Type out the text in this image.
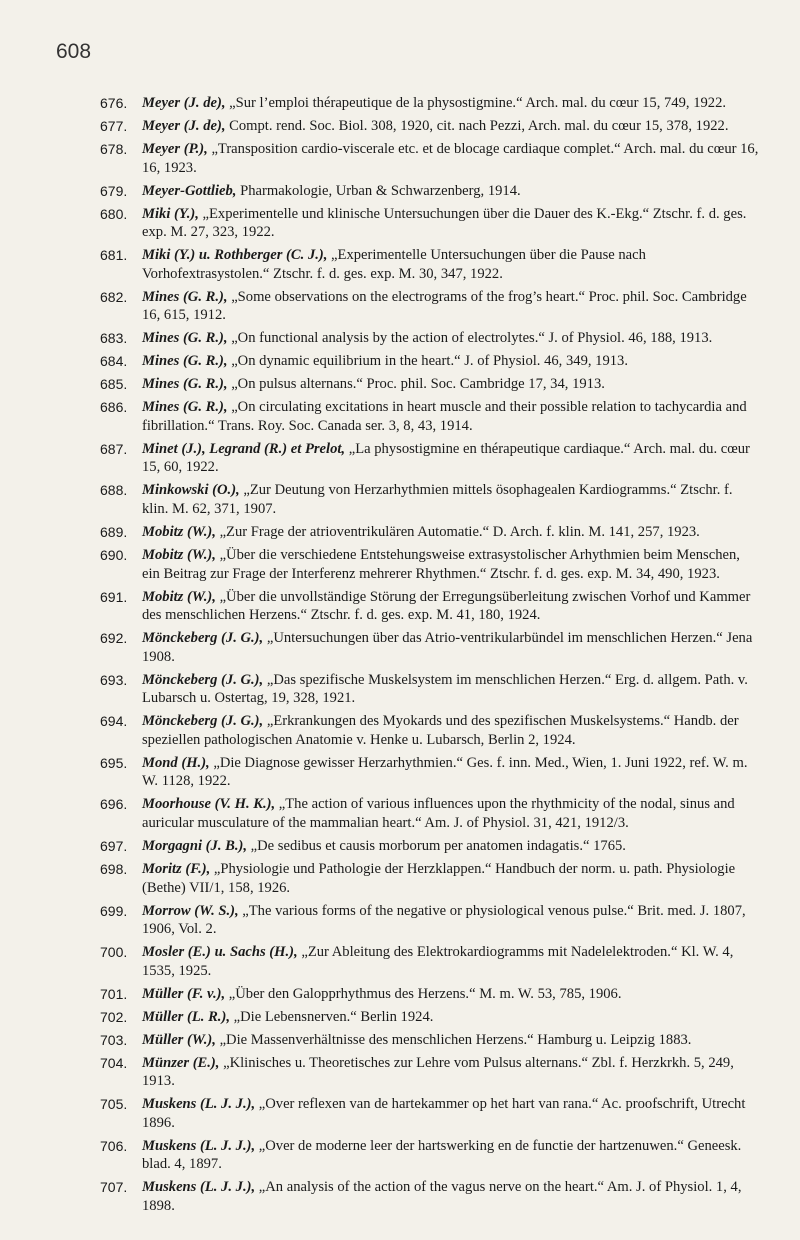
608
676.	Meyer (J. de), „Sur l’emploi thérapeutique de la physostigmine.“ Arch. mal. du cœur 15, 749, 1922.
677.	Meyer (J. de), Compt. rend. Soc. Biol. 308, 1920, cit. nach Pezzi, Arch. mal. du cœur 15, 378, 1922.
678.	Meyer (P.), „Transposition cardio-viscerale etc. et de blocage cardiaque complet.“ Arch. mal. du cœur 16, 16, 1923.
679.	Meyer-Gottlieb, Pharmakologie, Urban & Schwarzenberg, 1914.
680.	Miki (Y.), „Experimentelle und klinische Untersuchungen über die Dauer des K.-Ekg.“ Ztschr. f. d. ges. exp. M. 27, 323, 1922.
681.	Miki (Y.) u. Rothberger (C. J.), „Experimentelle Untersuchungen über die Pause nach Vorhofextrasystolen.“ Ztschr. f. d. ges. exp. M. 30, 347, 1922.
682.	Mines (G. R.), „Some observations on the electrograms of the frog’s heart.“ Proc. phil. Soc. Cambridge 16, 615, 1912.
683.	Mines (G. R.), „On functional analysis by the action of electrolytes.“ J. of Physiol. 46, 188, 1913.
684.	Mines (G. R.), „On dynamic equilibrium in the heart.“ J. of Physiol. 46, 349, 1913.
685.	Mines (G. R.), „On pulsus alternans.“ Proc. phil. Soc. Cambridge 17, 34, 1913.
686.	Mines (G. R.), „On circulating excitations in heart muscle and their possible relation to tachycardia and fibrillation.“ Trans. Roy. Soc. Canada ser. 3, 8, 43, 1914.
687.	Minet (J.), Legrand (R.) et Prelot, „La physostigmine en thérapeutique cardiaque.“ Arch. mal. du. cœur 15, 60, 1922.
688.	Minkowski (O.), „Zur Deutung von Herzarhythmien mittels ösophagealen Kardiogramms.“ Ztschr. f. klin. M. 62, 371, 1907.
689.	Mobitz (W.), „Zur Frage der atrioventrikulären Automatie.“ D. Arch. f. klin. M. 141, 257, 1923.
690.	Mobitz (W.), „Über die verschiedene Entstehungsweise extrasystolischer Arhythmien beim Menschen, ein Beitrag zur Frage der Interferenz mehrerer Rhythmen.“ Ztschr. f. d. ges. exp. M. 34, 490, 1923.
691.	Mobitz (W.), „Über die unvollständige Störung der Erregungsüberleitung zwischen Vorhof und Kammer des menschlichen Herzens.“ Ztschr. f. d. ges. exp. M. 41, 180, 1924.
692.	Mönckeberg (J. G.), „Untersuchungen über das Atrio-ventrikularbündel im menschlichen Herzen.“ Jena 1908.
693.	Mönckeberg (J. G.), „Das spezifische Muskelsystem im menschlichen Herzen.“ Erg. d. allgem. Path. v. Lubarsch u. Ostertag, 19, 328, 1921.
694.	Mönckeberg (J. G.), „Erkrankungen des Myokards und des spezifischen Muskelsystems.“ Handb. der speziellen pathologischen Anatomie v. Henke u. Lubarsch, Berlin 2, 1924.
695.	Mond (H.), „Die Diagnose gewisser Herzarhythmien.“ Ges. f. inn. Med., Wien, 1. Juni 1922, ref. W. m. W. 1128, 1922.
696.	Moorhouse (V. H. K.), „The action of various influences upon the rhythmicity of the nodal, sinus and auricular musculature of the mammalian heart.“ Am. J. of Physiol. 31, 421, 1912/3.
697.	Morgagni (J. B.), „De sedibus et causis morborum per anatomen indagatis.“ 1765.
698.	Moritz (F.), „Physiologie und Pathologie der Herzklappen.“ Handbuch der norm. u. path. Physiologie (Bethe) VII/1, 158, 1926.
699.	Morrow (W. S.), „The various forms of the negative or physiological venous pulse.“ Brit. med. J. 1807, 1906, Vol. 2.
700.	Mosler (E.) u. Sachs (H.), „Zur Ableitung des Elektrokardiogramms mit Nadelelektroden.“ Kl. W. 4, 1535, 1925.
701.	Müller (F. v.), „Über den Galopprhythmus des Herzens.“ M. m. W. 53, 785, 1906.
702.	Müller (L. R.), „Die Lebensnerven.“ Berlin 1924.
703.	Müller (W.), „Die Massenverhältnisse des menschlichen Herzens.“ Hamburg u. Leipzig 1883.
704.	Münzer (E.), „Klinisches u. Theoretisches zur Lehre vom Pulsus alternans.“ Zbl. f. Herzkrkh. 5, 249, 1913.
705.	Muskens (L. J. J.), „Over reflexen van de hartekammer op het hart van rana.“ Ac. proofschrift, Utrecht 1896.
706.	Muskens (L. J. J.), „Over de moderne leer der hartswerking en de functie der hartzenuwen.“ Geneesk. blad. 4, 1897.
707.	Muskens (L. J. J.), „An analysis of the action of the vagus nerve on the heart.“ Am. J. of Physiol. 1, 4, 1898.
